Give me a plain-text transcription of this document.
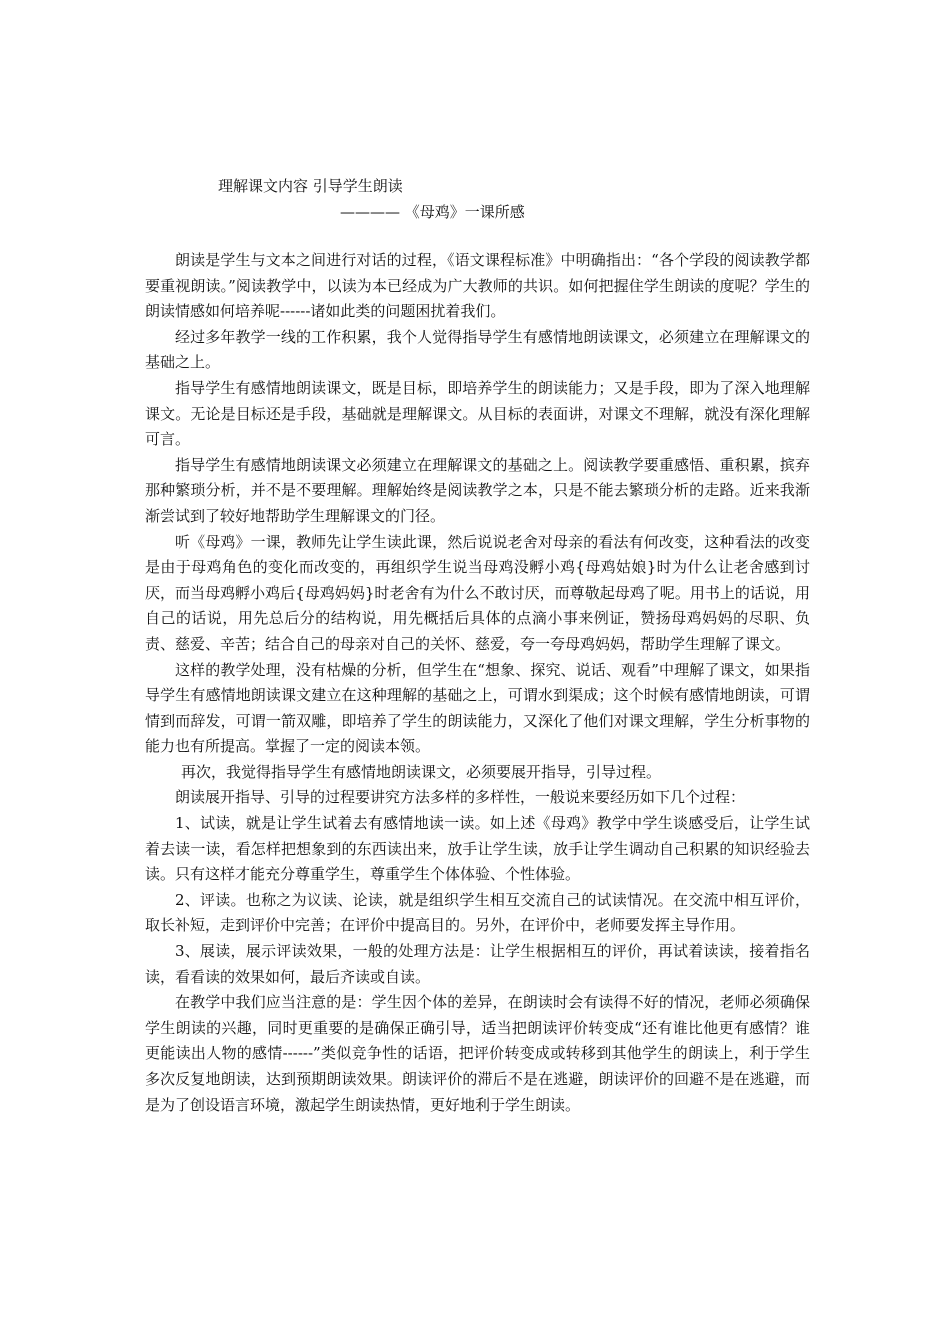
理解课文内容 引导学生朗读
———— 《母鸡》一课所感

朗读是学生与文本之间进行对话的过程，《语文课程标准》中明确指出：“各个学段的阅读教学都要重视朗读。”阅读教学中，以读为本已经成为广大教师的共识。如何把握住学生朗读的度呢？学生的朗读情感如何培养呢------诸如此类的问题困扰着我们。

经过多年教学一线的工作积累，我个人觉得指导学生有感情地朗读课文，必须建立在理解课文的基础之上。

指导学生有感情地朗读课文，既是目标，即培养学生的朗读能力；又是手段，即为了深入地理解课文。无论是目标还是手段，基础就是理解课文。从目标的表面讲，对课文不理解，就没有深化理解可言。

指导学生有感情地朗读课文必须建立在理解课文的基础之上。阅读教学要重感悟、重积累，摈弃那种繁琐分析，并不是不要理解。理解始终是阅读教学之本，只是不能去繁琐分析的走路。近来我渐渐尝试到了较好地帮助学生理解课文的门径。

听《母鸡》一课，教师先让学生读此课，然后说说老舍对母亲的看法有何改变，这种看法的改变是由于母鸡角色的变化而改变的，再组织学生说当母鸡没孵小鸡{母鸡姑娘}时为什么让老舍感到讨厌，而当母鸡孵小鸡后{母鸡妈妈}时老舍有为什么不敢讨厌，而尊敬起母鸡了呢。用书上的话说，用自己的话说，用先总后分的结构说，用先概括后具体的点滴小事来例证，赞扬母鸡妈妈的尽职、负责、慈爱、辛苦；结合自己的母亲对自己的关怀、慈爱，夸一夸母鸡妈妈，帮助学生理解了课文。

这样的教学处理，没有枯燥的分析，但学生在“想象、探究、说话、观看”中理解了课文，如果指导学生有感情地朗读课文建立在这种理解的基础之上，可谓水到渠成；这个时候有感情地朗读，可谓情到而辞发，可谓一箭双雕，即培养了学生的朗读能力，又深化了他们对课文理解，学生分析事物的能力也有所提高。掌握了一定的阅读本领。

再次，我觉得指导学生有感情地朗读课文，必须要展开指导，引导过程。

朗读展开指导、引导的过程要讲究方法多样的多样性，一般说来要经历如下几个过程：

1、试读，就是让学生试着去有感情地读一读。如上述《母鸡》教学中学生谈感受后，让学生试着去读一读，看怎样把想象到的东西读出来，放手让学生读，放手让学生调动自己积累的知识经验去读。只有这样才能充分尊重学生，尊重学生个体体验、个性体验。

2、评读。也称之为议读、论读，就是组织学生相互交流自己的试读情况。在交流中相互评价，取长补短，走到评价中完善；在评价中提高目的。另外，在评价中，老师要发挥主导作用。

3、展读，展示评读效果，一般的处理方法是：让学生根据相互的评价，再试着读读，接着指名读，看看读的效果如何，最后齐读或自读。

在教学中我们应当注意的是：学生因个体的差异，在朗读时会有读得不好的情况，老师必须确保学生朗读的兴趣，同时更重要的是确保正确引导，适当把朗读评价转变成“还有谁比他更有感情？谁更能读出人物的感情------”类似竞争性的话语，把评价转变成或转移到其他学生的朗读上，利于学生多次反复地朗读，达到预期朗读效果。朗读评价的滞后不是在逃避，朗读评价的回避不是在逃避，而是为了创设语言环境，激起学生朗读热情，更好地利于学生朗读。
